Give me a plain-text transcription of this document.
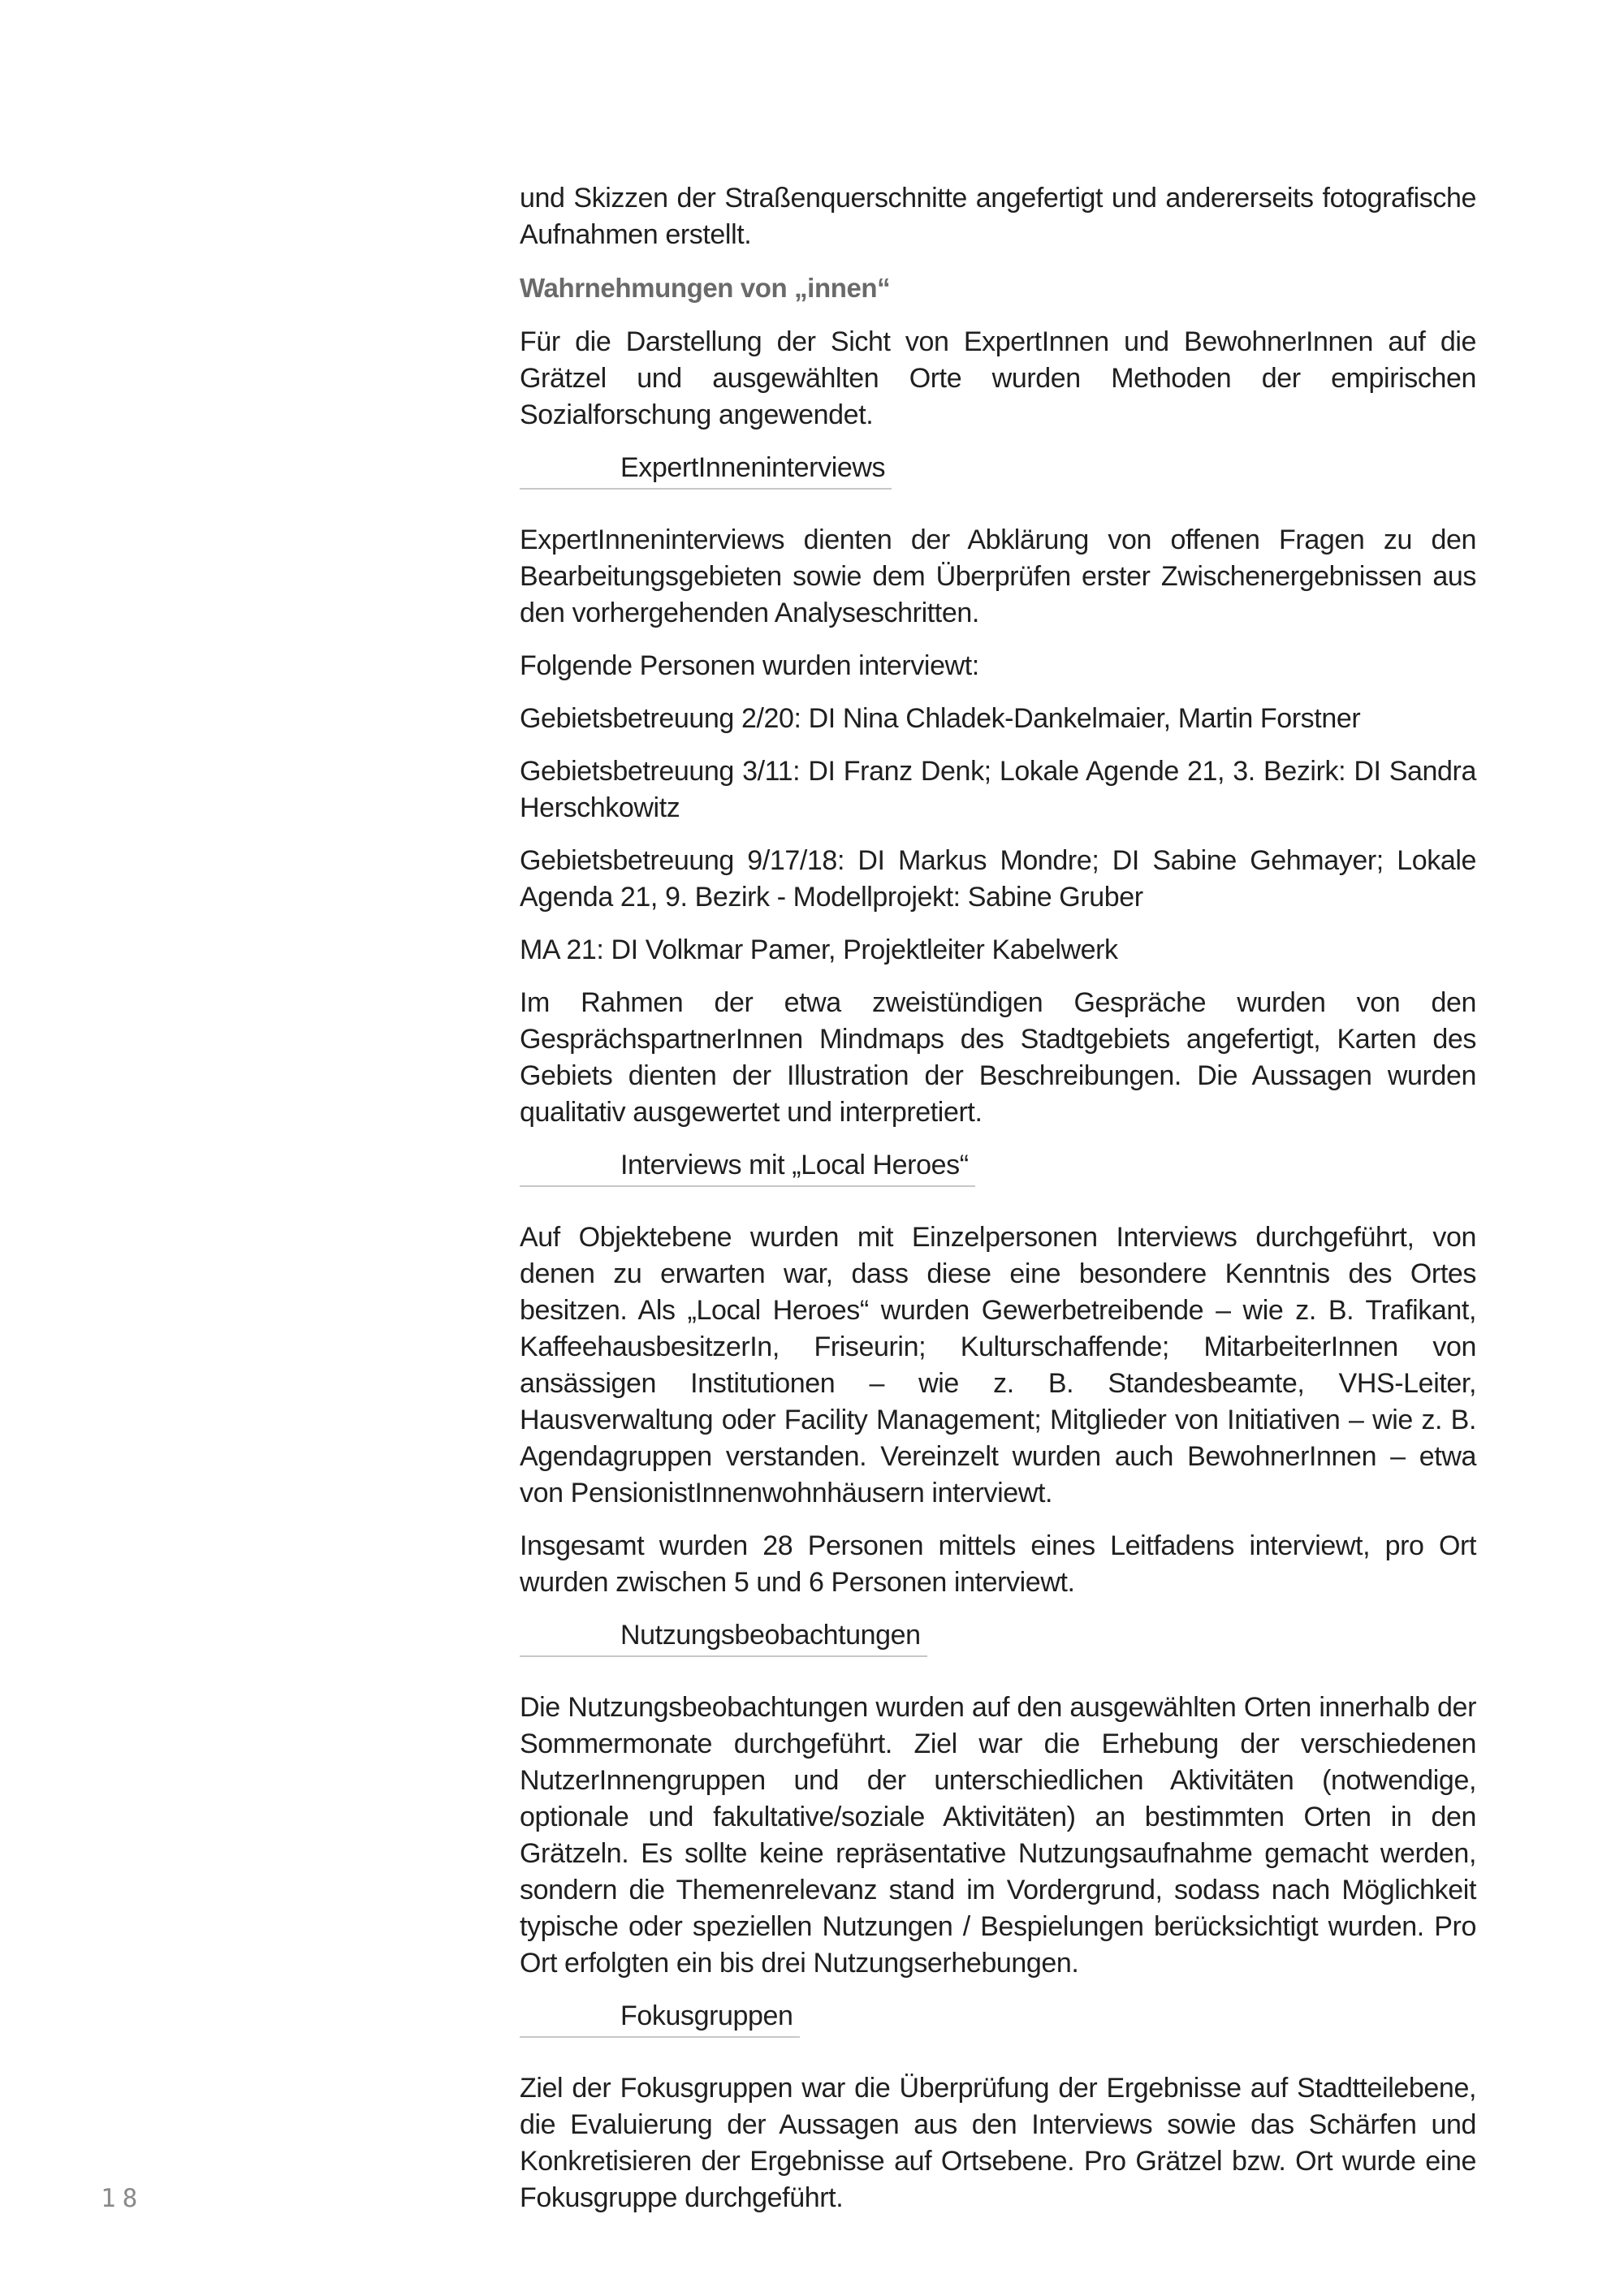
und Skizzen der Straßenquerschnitte angefertigt und andererseits fotografische Aufnahmen erstellt.

Wahrnehmungen von „innen“

Für die Darstellung der Sicht von ExpertInnen und BewohnerInnen auf die Grätzel und ausgewählten Orte wurden Methoden der empirischen Sozialforschung angewendet.

ExpertInneninterviews

ExpertInneninterviews dienten der Abklärung von offenen Fragen zu den Bearbeitungsgebieten sowie dem Überprüfen erster Zwischenergebnissen aus den vorhergehenden Analyseschritten.

Folgende Personen wurden interviewt:

Gebietsbetreuung 2/20: DI Nina Chladek-Dankelmaier, Martin Forstner

Gebietsbetreuung 3/11: DI Franz Denk; Lokale Agende 21, 3. Bezirk: DI Sandra Herschkowitz

Gebietsbetreuung 9/17/18: DI Markus Mondre; DI Sabine Gehmayer; Lokale Agenda 21, 9. Bezirk - Modellprojekt: Sabine Gruber

MA 21: DI Volkmar Pamer, Projektleiter Kabelwerk

Im Rahmen der etwa zweistündigen Gespräche wurden von den GesprächspartnerInnen Mindmaps des Stadtgebiets angefertigt, Karten des Gebiets dienten der Illustration der Beschreibungen. Die Aussagen wurden qualitativ ausgewertet und interpretiert.

Interviews mit „Local Heroes“

Auf Objektebene wurden mit Einzelpersonen Interviews durchgeführt, von denen zu erwarten war, dass diese eine besondere Kenntnis des Ortes besitzen. Als „Local Heroes“ wurden Gewerbetreibende – wie z. B. Trafikant, KaffeehausbesitzerIn, Friseurin; Kulturschaffende; MitarbeiterInnen von ansässigen Institutionen – wie z. B. Standesbeamte, VHS-Leiter, Hausverwaltung oder Facility Management; Mitglieder von Initiativen – wie z. B. Agendagruppen verstanden. Vereinzelt wurden auch BewohnerInnen – etwa von PensionistInnenwohnhäusern interviewt.

Insgesamt wurden 28 Personen mittels eines Leitfadens interviewt, pro Ort wurden zwischen 5 und 6 Personen interviewt.

Nutzungsbeobachtungen

Die Nutzungsbeobachtungen wurden auf den ausgewählten Orten innerhalb der Sommermonate durchgeführt. Ziel war die Erhebung der verschiedenen NutzerInnengruppen und der unterschiedlichen Aktivitäten (notwendige, optionale und fakultative/soziale Aktivitäten) an bestimmten Orten in den Grätzeln. Es sollte keine repräsentative Nutzungsaufnahme gemacht werden, sondern die Themenrelevanz stand im Vordergrund, sodass nach Möglichkeit typische oder speziellen Nutzungen / Bespielungen berücksichtigt wurden. Pro Ort erfolgten ein bis drei Nutzungserhebungen.

Fokusgruppen

Ziel der Fokusgruppen war die Überprüfung der Ergebnisse auf Stadtteilebene, die Evaluierung der Aussagen aus den Interviews sowie das Schärfen und Konkretisieren der Ergebnisse auf Ortsebene. Pro Grätzel bzw. Ort wurde eine Fokusgruppe durchgeführt.

18
